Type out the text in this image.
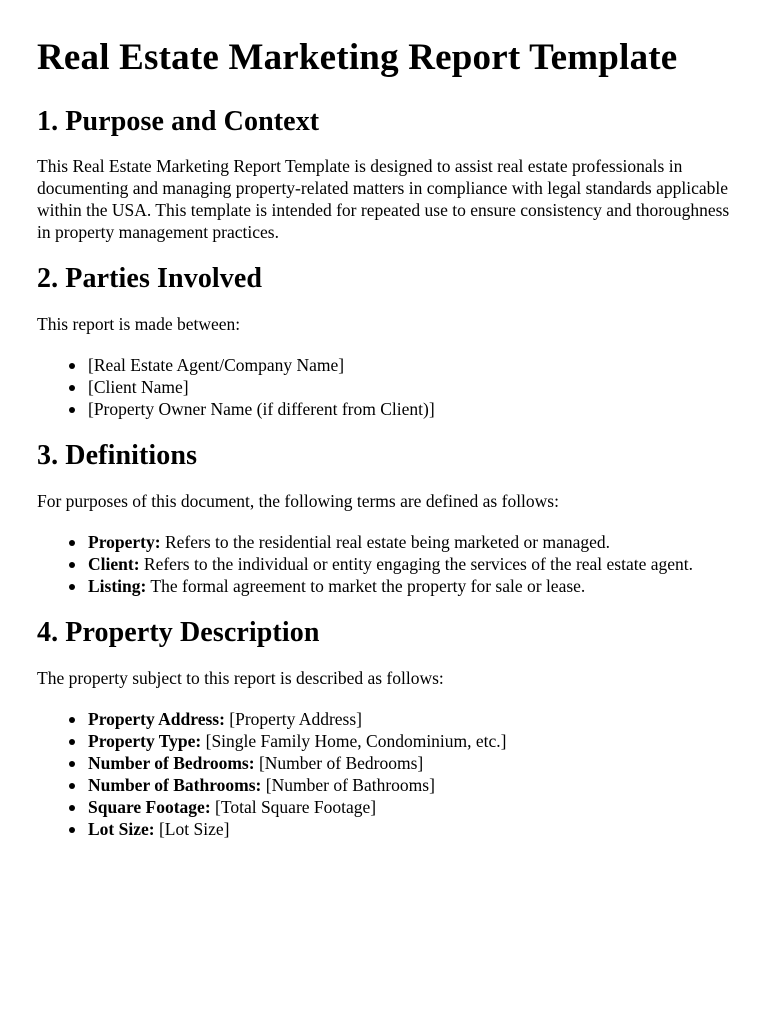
Real Estate Marketing Report Template
1. Purpose and Context

This Real Estate Marketing Report Template is designed to assist real estate professionals in documenting and managing property-related matters in compliance with legal standards applicable within the USA. This template is intended for repeated use to ensure consistency and thoroughness in property management practices.

2. Parties Involved

This report is made between:

[Real Estate Agent/Company Name]
[Client Name]
[Property Owner Name (if different from Client)]
3. Definitions

For purposes of this document, the following terms are defined as follows:

Property: Refers to the residential real estate being marketed or managed.
Client: Refers to the individual or entity engaging the services of the real estate agent.
Listing: The formal agreement to market the property for sale or lease.
4. Property Description

The property subject to this report is described as follows:

Property Address: [Property Address]
Property Type: [Single Family Home, Condominium, etc.]
Number of Bedrooms: [Number of Bedrooms]
Number of Bathrooms: [Number of Bathrooms]
Square Footage: [Total Square Footage]
Lot Size: [Lot Size]
